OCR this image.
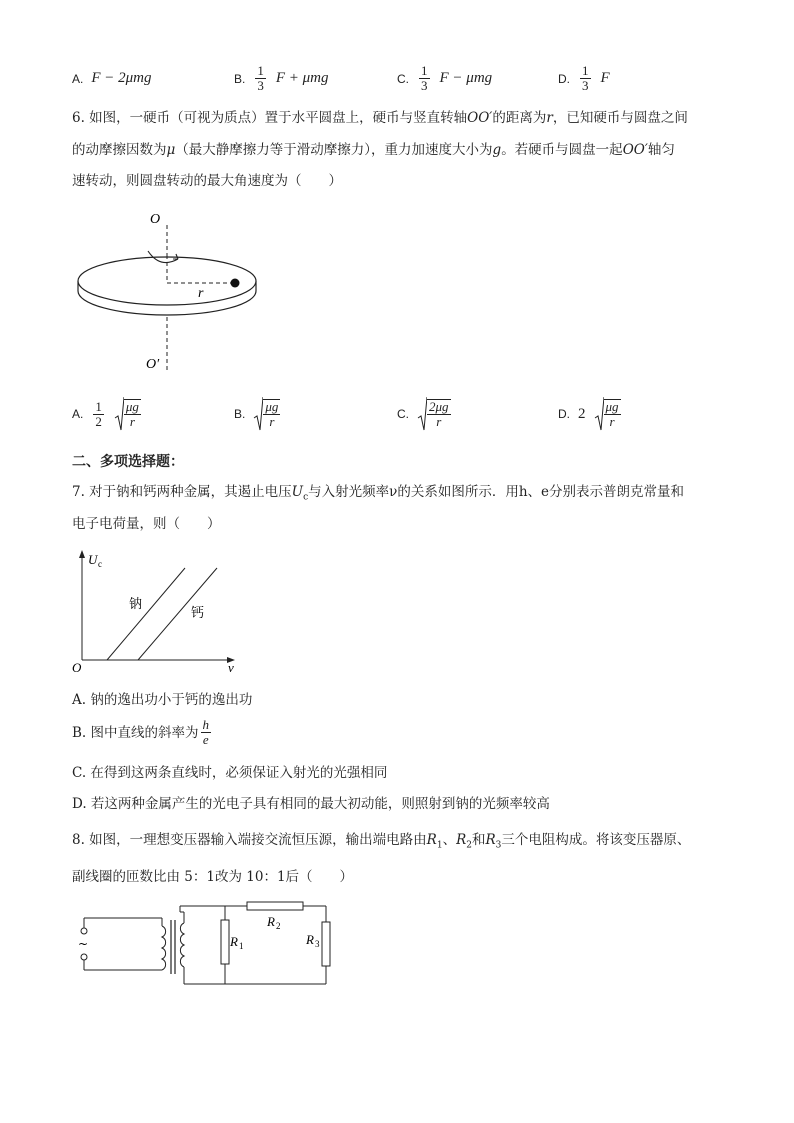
A. F − 2μmg	B. $\frac{1}{3}$ F + μmg	C. $\frac{1}{3}$ F − μmg	D. $\frac{1}{3}$ F
6. 如图，一硬币（可视为质点）置于水平圆盘上，硬币与竖直转轴OO′的距离为r，已知硬币与圆盘之间
的动摩擦因数为μ（最大静摩擦力等于滑动摩擦力），重力加速度大小为g。若硬币与圆盘一起OO′轴匀
速转动，则圆盘转动的最大角速度为（　　）
O
r
O′
A. $\frac{1}{2} \frac{\mu g}{r}$	B. $\frac{\mu g}{r}$	C. $\frac{2\mu g}{r}$	D. $2 \frac{\mu g}{r}$
二、多项选择题：
7. 对于钠和钙两种金属，其遏止电压$U_c$与入射光频率ν的关系如图所示．用h、e分别表示普朗克常量和
电子电荷量，则（　　）
U c
O	ν
钠
钙
A. 钠的逸出功小于钙的逸出功
B. 图中直线的斜率为 $\frac{h}{e}$
C. 在得到这两条直线时，必须保证入射光的光强相同
D. 若这两种金属产生的光电子具有相同的最大初动能，则照射到钠的光频率较高
8. 如图，一理想变压器输入端接交流恒压源，输出端电路由$R_1$、$R_2$和$R_3$三个电阻构成。将该变压器原、
副线圈的匝数比由 5：1改为 10：1后（　　）
~	R 1
R 2
R 3
